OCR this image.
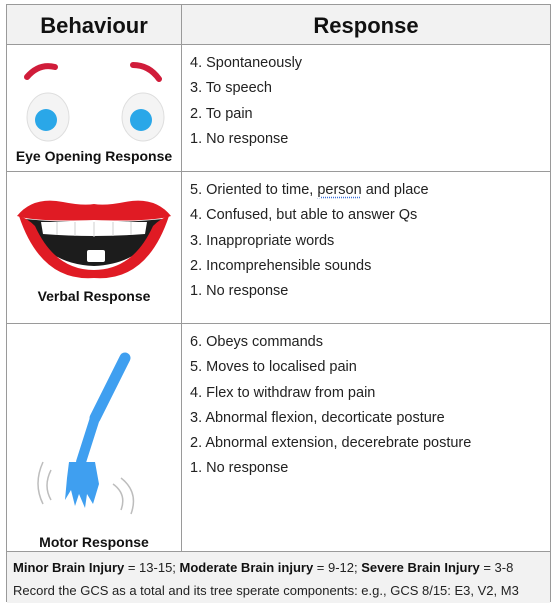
Behaviour	Response
Eye Opening Response
4. Spontaneously
3. To speech
2. To pain
1. No response
Verbal Response
5. Oriented to time, person and place
4. Confused, but able to answer Qs
3. Inappropriate words
2. Incomprehensible sounds
1. No response
Motor Response
6. Obeys commands
5. Moves to localised pain
4. Flex to withdraw from pain
3. Abnormal flexion, decorticate posture
2. Abnormal extension, decerebrate posture
1. No response
Minor Brain Injury = 13-15; Moderate Brain injury = 9-12; Severe Brain Injury = 3-8
Record the GCS as a total and its tree sperate components: e.g., GCS 8/15: E3, V2, M3
